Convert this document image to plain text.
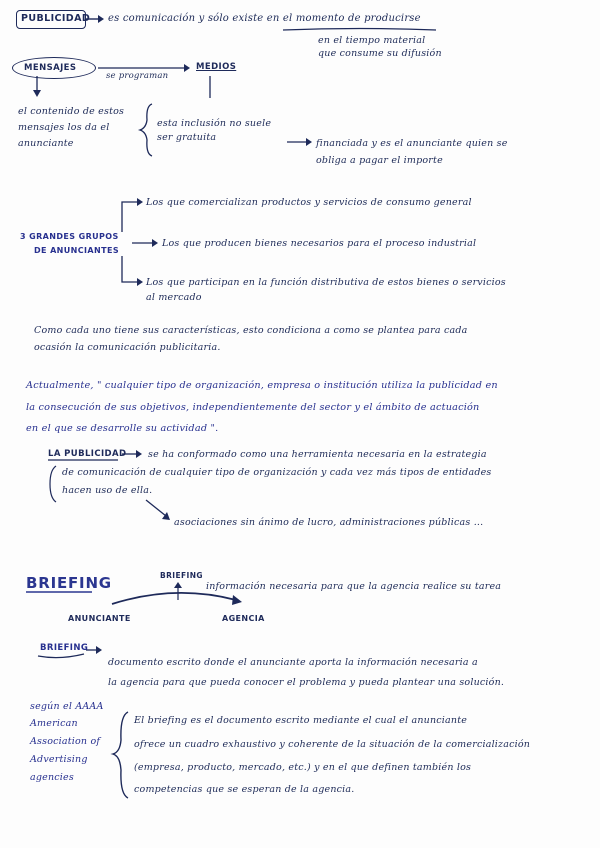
PUBLICIDAD es comunicación y sólo existe en el momento de producirse
en el tiempo material
que consume su difusión
MENSAJES
se programan
MEDIOS
el contenido de estos
mensajes los da el
anunciante
esta inclusión no suele
ser gratuita
financiada y es el anunciante quien se
obliga a pagar el importe
3 GRANDES GRUPOS
DE ANUNCIANTES
Los que comercializan productos y servicios de consumo general
Los que producen bienes necesarios para el proceso industrial
Los que participan en la función distributiva de estos bienes o servicios
al mercado
Como cada uno tiene sus características, esto condiciona a como se plantea para cada
ocasión la comunicación publicitaria.
Actualmente, " cualquier tipo de organización, empresa o institución utiliza la publicidad en
la consecución de sus objetivos, independientemente del sector y el ámbito de actuación
en el que se desarrolle su actividad ".
LA PUBLICIDAD se ha conformado como una herramienta necesaria en la estrategia
de comunicación de cualquier tipo de organización y cada vez más tipos de entidades
hacen uso de ella.
asociaciones sin ánimo de lucro, administraciones públicas ...
BRIEFING	BRIEFING
información necesaria para que la agencia realice su tarea
ANUNCIANTE	AGENCIA
BRIEFING
documento escrito donde el anunciante aporta la información necesaria a
la agencia para que pueda conocer el problema y pueda plantear una solución.
según el AAAA
American
Association of
Advertising
agencies
El briefing es el documento escrito mediante el cual el anunciante
ofrece un cuadro exhaustivo y coherente de la situación de la comercialización
(empresa, producto, mercado, etc.) y en el que definen también los
competencias que se esperan de la agencia.
